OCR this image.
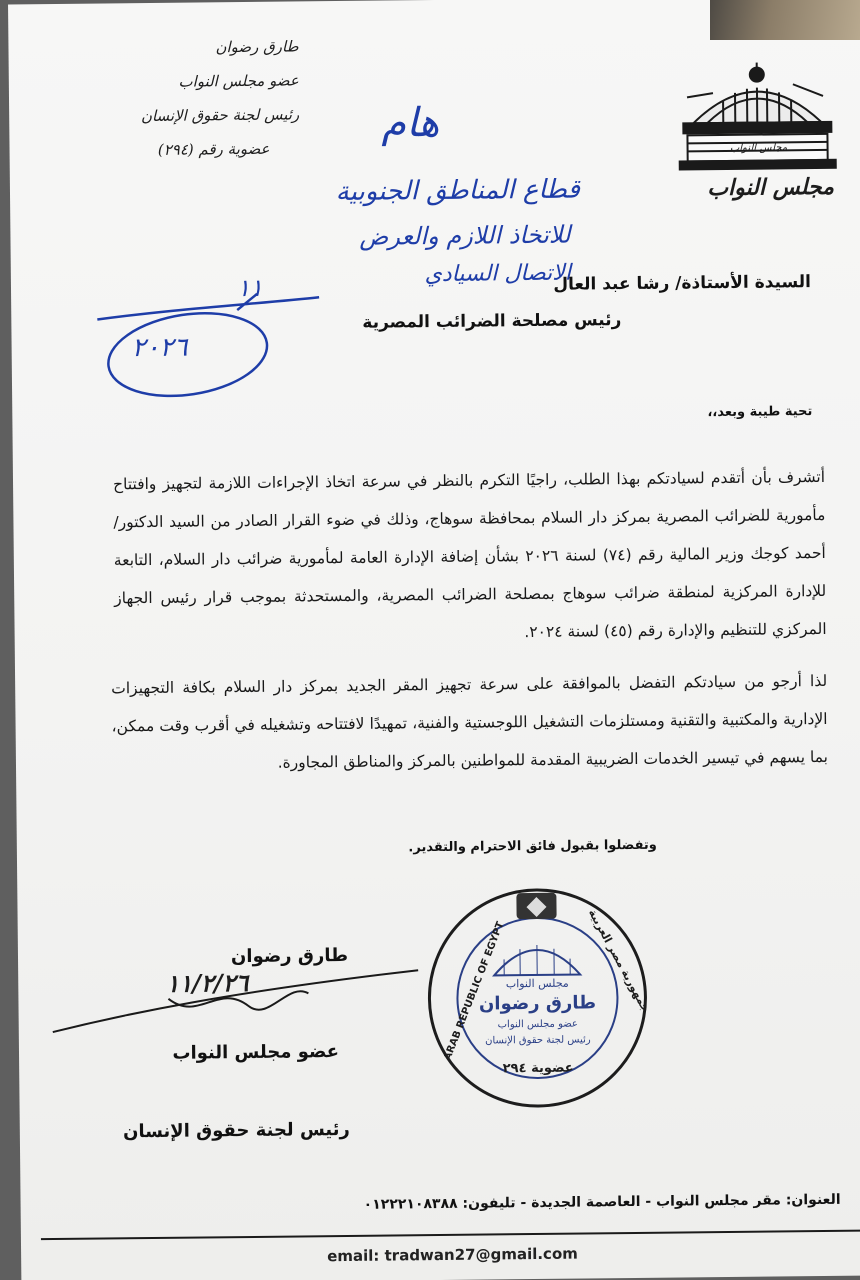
طارق رضوان
عضو مجلس النواب
رئيس لجنة حقوق الإنسان
عضوية رقم (٢٩٤)	مجلس النواب
مجلس النواب
هام
قطاع المناطق الجنوبية
للاتخاذ اللازم والعرض
الاتصال السيادي
١١
٢٠٢٦
السيدة الأستاذة/ رشا عبد العال
رئيس مصلحة الضرائب المصرية
تحية طيبة وبعد،،
أتشرف بأن أتقدم لسيادتكم بهذا الطلب، راجيًا التكرم بالنظر في سرعة اتخاذ الإجراءات اللازمة لتجهيز وافتتاح مأمورية للضرائب المصرية بمركز دار السلام بمحافظة سوهاج، وذلك في ضوء القرار الصادر من السيد الدكتور/ أحمد كوجك وزير المالية رقم (٧٤) لسنة ٢٠٢٦ بشأن إضافة الإدارة العامة لمأمورية ضرائب دار السلام، التابعة للإدارة المركزية لمنطقة ضرائب سوهاج بمصلحة الضرائب المصرية، والمستحدثة بموجب قرار رئيس الجهاز المركزي للتنظيم والإدارة رقم (٤٥) لسنة ٢٠٢٤.
لذا أرجو من سيادتكم التفضل بالموافقة على سرعة تجهيز المقر الجديد بمركز دار السلام بكافة التجهيزات الإدارية والمكتبية والتقنية ومستلزمات التشغيل اللوجستية والفنية، تمهيدًا لافتتاحه وتشغيله في أقرب وقت ممكن، بما يسهم في تيسير الخدمات الضريبية المقدمة للمواطنين بالمركز والمناطق المجاورة.
وتفضلوا بقبول فائق الاحترام والتقدير.
طارق رضوان
١١/٢/٢٦
عضو مجلس النواب
رئيس لجنة حقوق الإنسان
ARAB REPUBLIC OF EGYPT	جمهورية مصر العربية
مجلس النواب
طارق رضوان
عضو مجلس النواب
رئيس لجنة حقوق الإنسان
عضوية ٢٩٤
العنوان: مقر مجلس النواب - العاصمة الجديدة - تليفون: ٠١٢٢٢١٠٨٣٨٨
email: tradwan27@gmail.com
